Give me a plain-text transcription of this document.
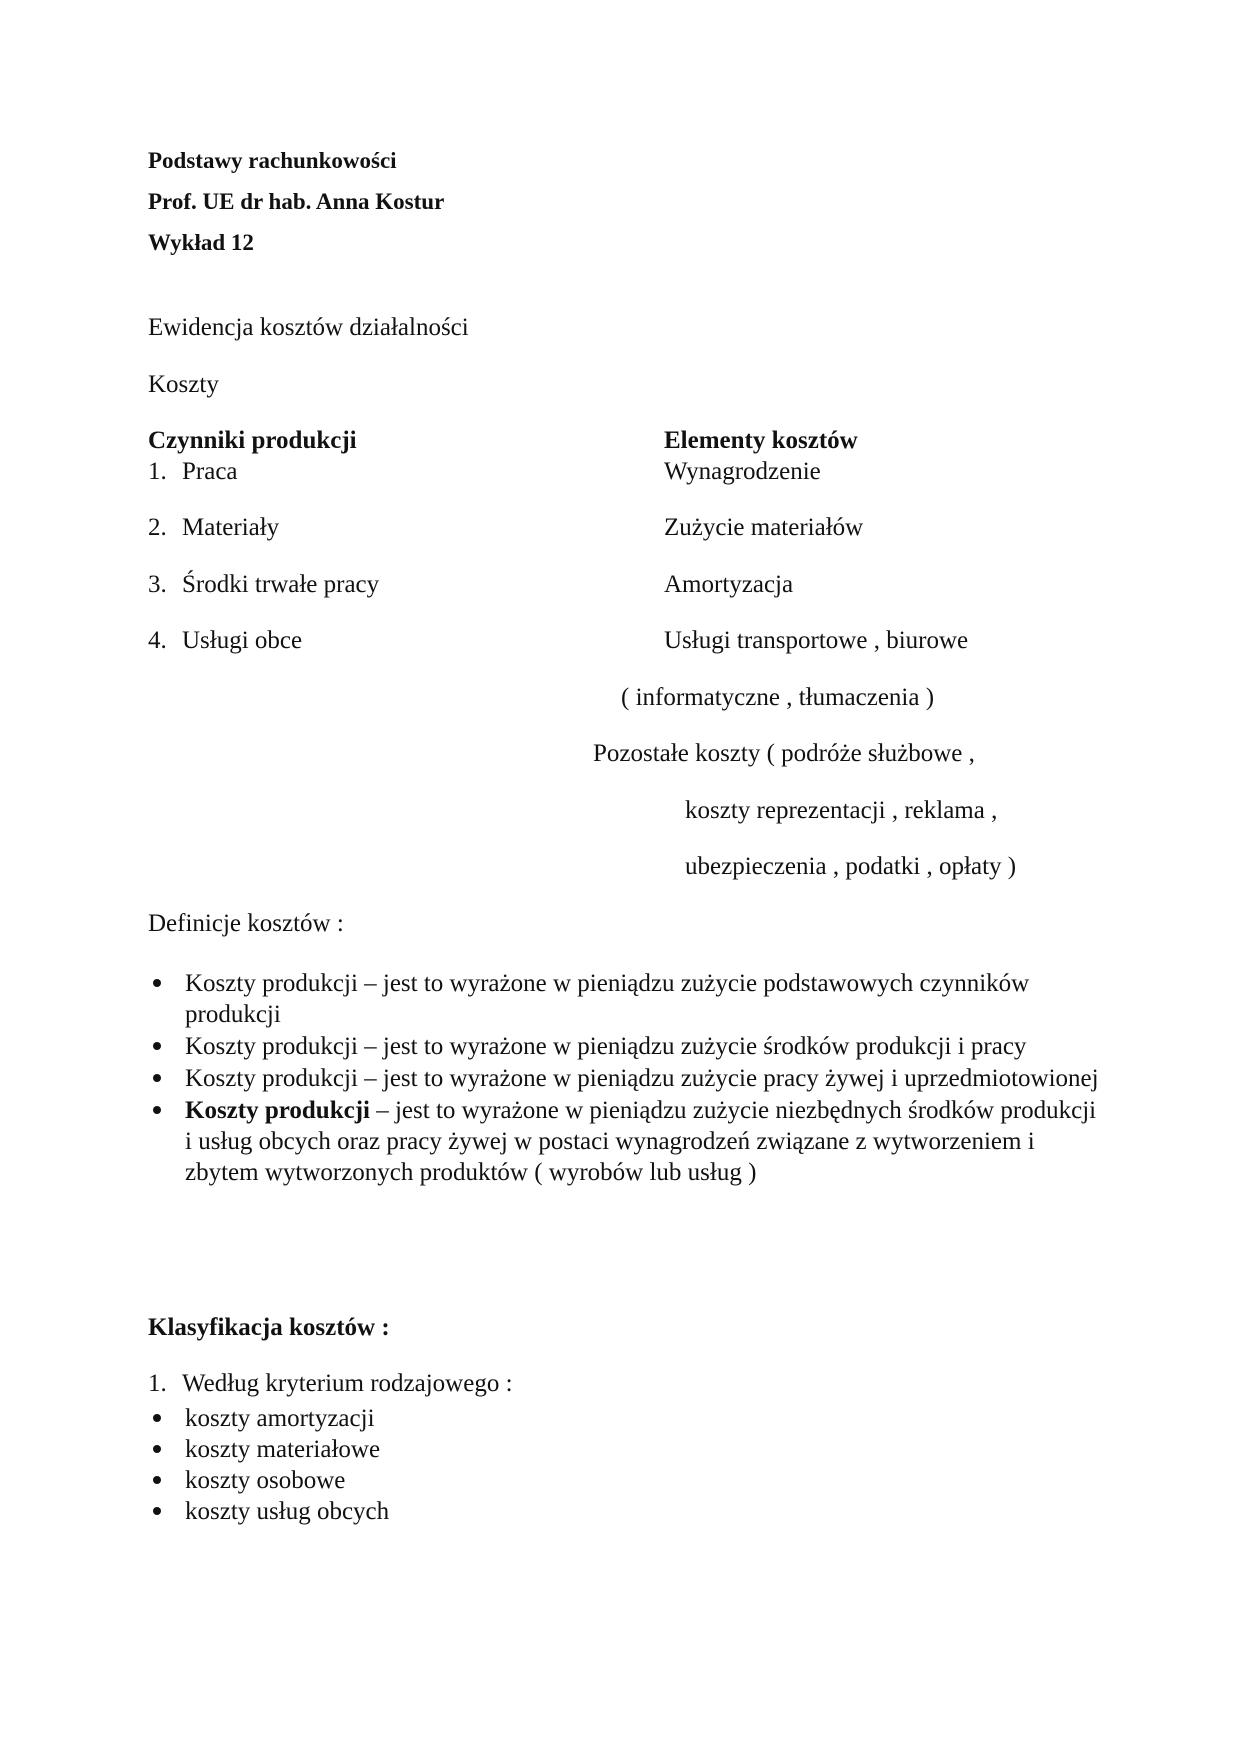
Podstawy rachunkowości
Prof. UE dr hab. Anna Kostur
Wykład 12
Ewidencja kosztów działalności
Koszty
Czynniki produkcji	Elementy kosztów
1. Praca	Wynagrodzenie
2. Materiały	Zużycie materiałów
3. Środki trwałe pracy	Amortyzacja
4. Usługi obce	Usługi transportowe , biurowe
( informatyczne , tłumaczenia )
Pozostałe koszty ( podróże służbowe ,
koszty reprezentacji , reklama ,
ubezpieczenia , podatki , opłaty )
Definicje kosztów :
Koszty produkcji – jest to wyrażone w pieniądzu zużycie podstawowych czynników produkcji
Koszty produkcji – jest to wyrażone w pieniądzu zużycie środków produkcji i pracy
Koszty produkcji – jest to wyrażone w pieniądzu zużycie pracy żywej i uprzedmiotowionej
Koszty produkcji – jest to wyrażone w pieniądzu zużycie niezbędnych środków produkcji i usług obcych oraz pracy żywej w postaci wynagrodzeń związane z wytworzeniem i zbytem wytworzonych produktów ( wyrobów lub usług )
Klasyfikacja kosztów :
1. Według kryterium rodzajowego :
koszty amortyzacji
koszty materiałowe
koszty osobowe
koszty usług obcych
